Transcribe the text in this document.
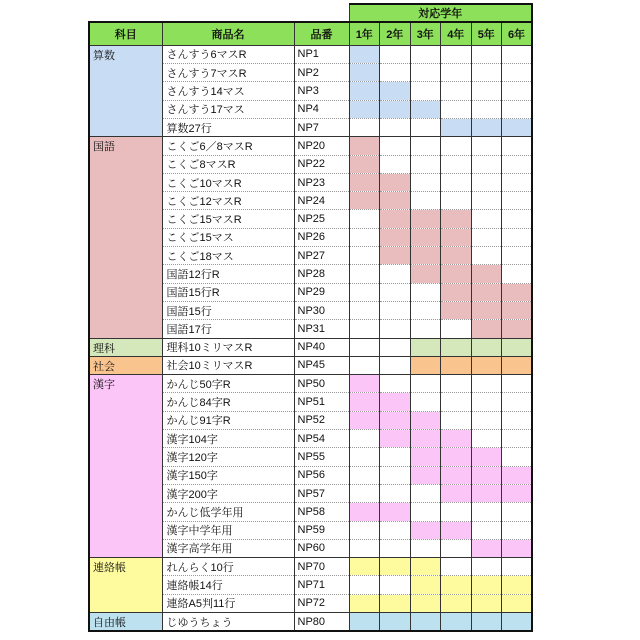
			対応学年					
科目	商品名	品番	1年	2年	3年	4年	5年	6年
算数	さんすう6マスR	NP1						
	さんすう7マスR	NP2						
	さんすう14マス	NP3						
	さんすう17マス	NP4						
	算数27行	NP7						
国語	こくご6／8マスR	NP20						
	こくご8マスR	NP22						
	こくご10マスR	NP23						
	こくご12マスR	NP24						
	こくご15マスR	NP25						
	こくご15マス	NP26						
	こくご18マス	NP27						
	国語12行R	NP28						
	国語15行R	NP29						
	国語15行	NP30						
	国語17行	NP31						
理科	理科10ミリマスR	NP40						
社会	社会10ミリマスR	NP45						
漢字	かんじ50字R	NP50						
	かんじ84字R	NP51						
	かんじ91字R	NP52						
	漢字104字	NP54						
	漢字120字	NP55						
	漢字150字	NP56						
	漢字200字	NP57						
	かんじ低学年用	NP58						
	漢字中学年用	NP59						
	漢字高学年用	NP60						
連絡帳	れんらく10行	NP70						
	連絡帳14行	NP71						
	連絡A5判11行	NP72						
自由帳	じゆうちょう	NP80						
